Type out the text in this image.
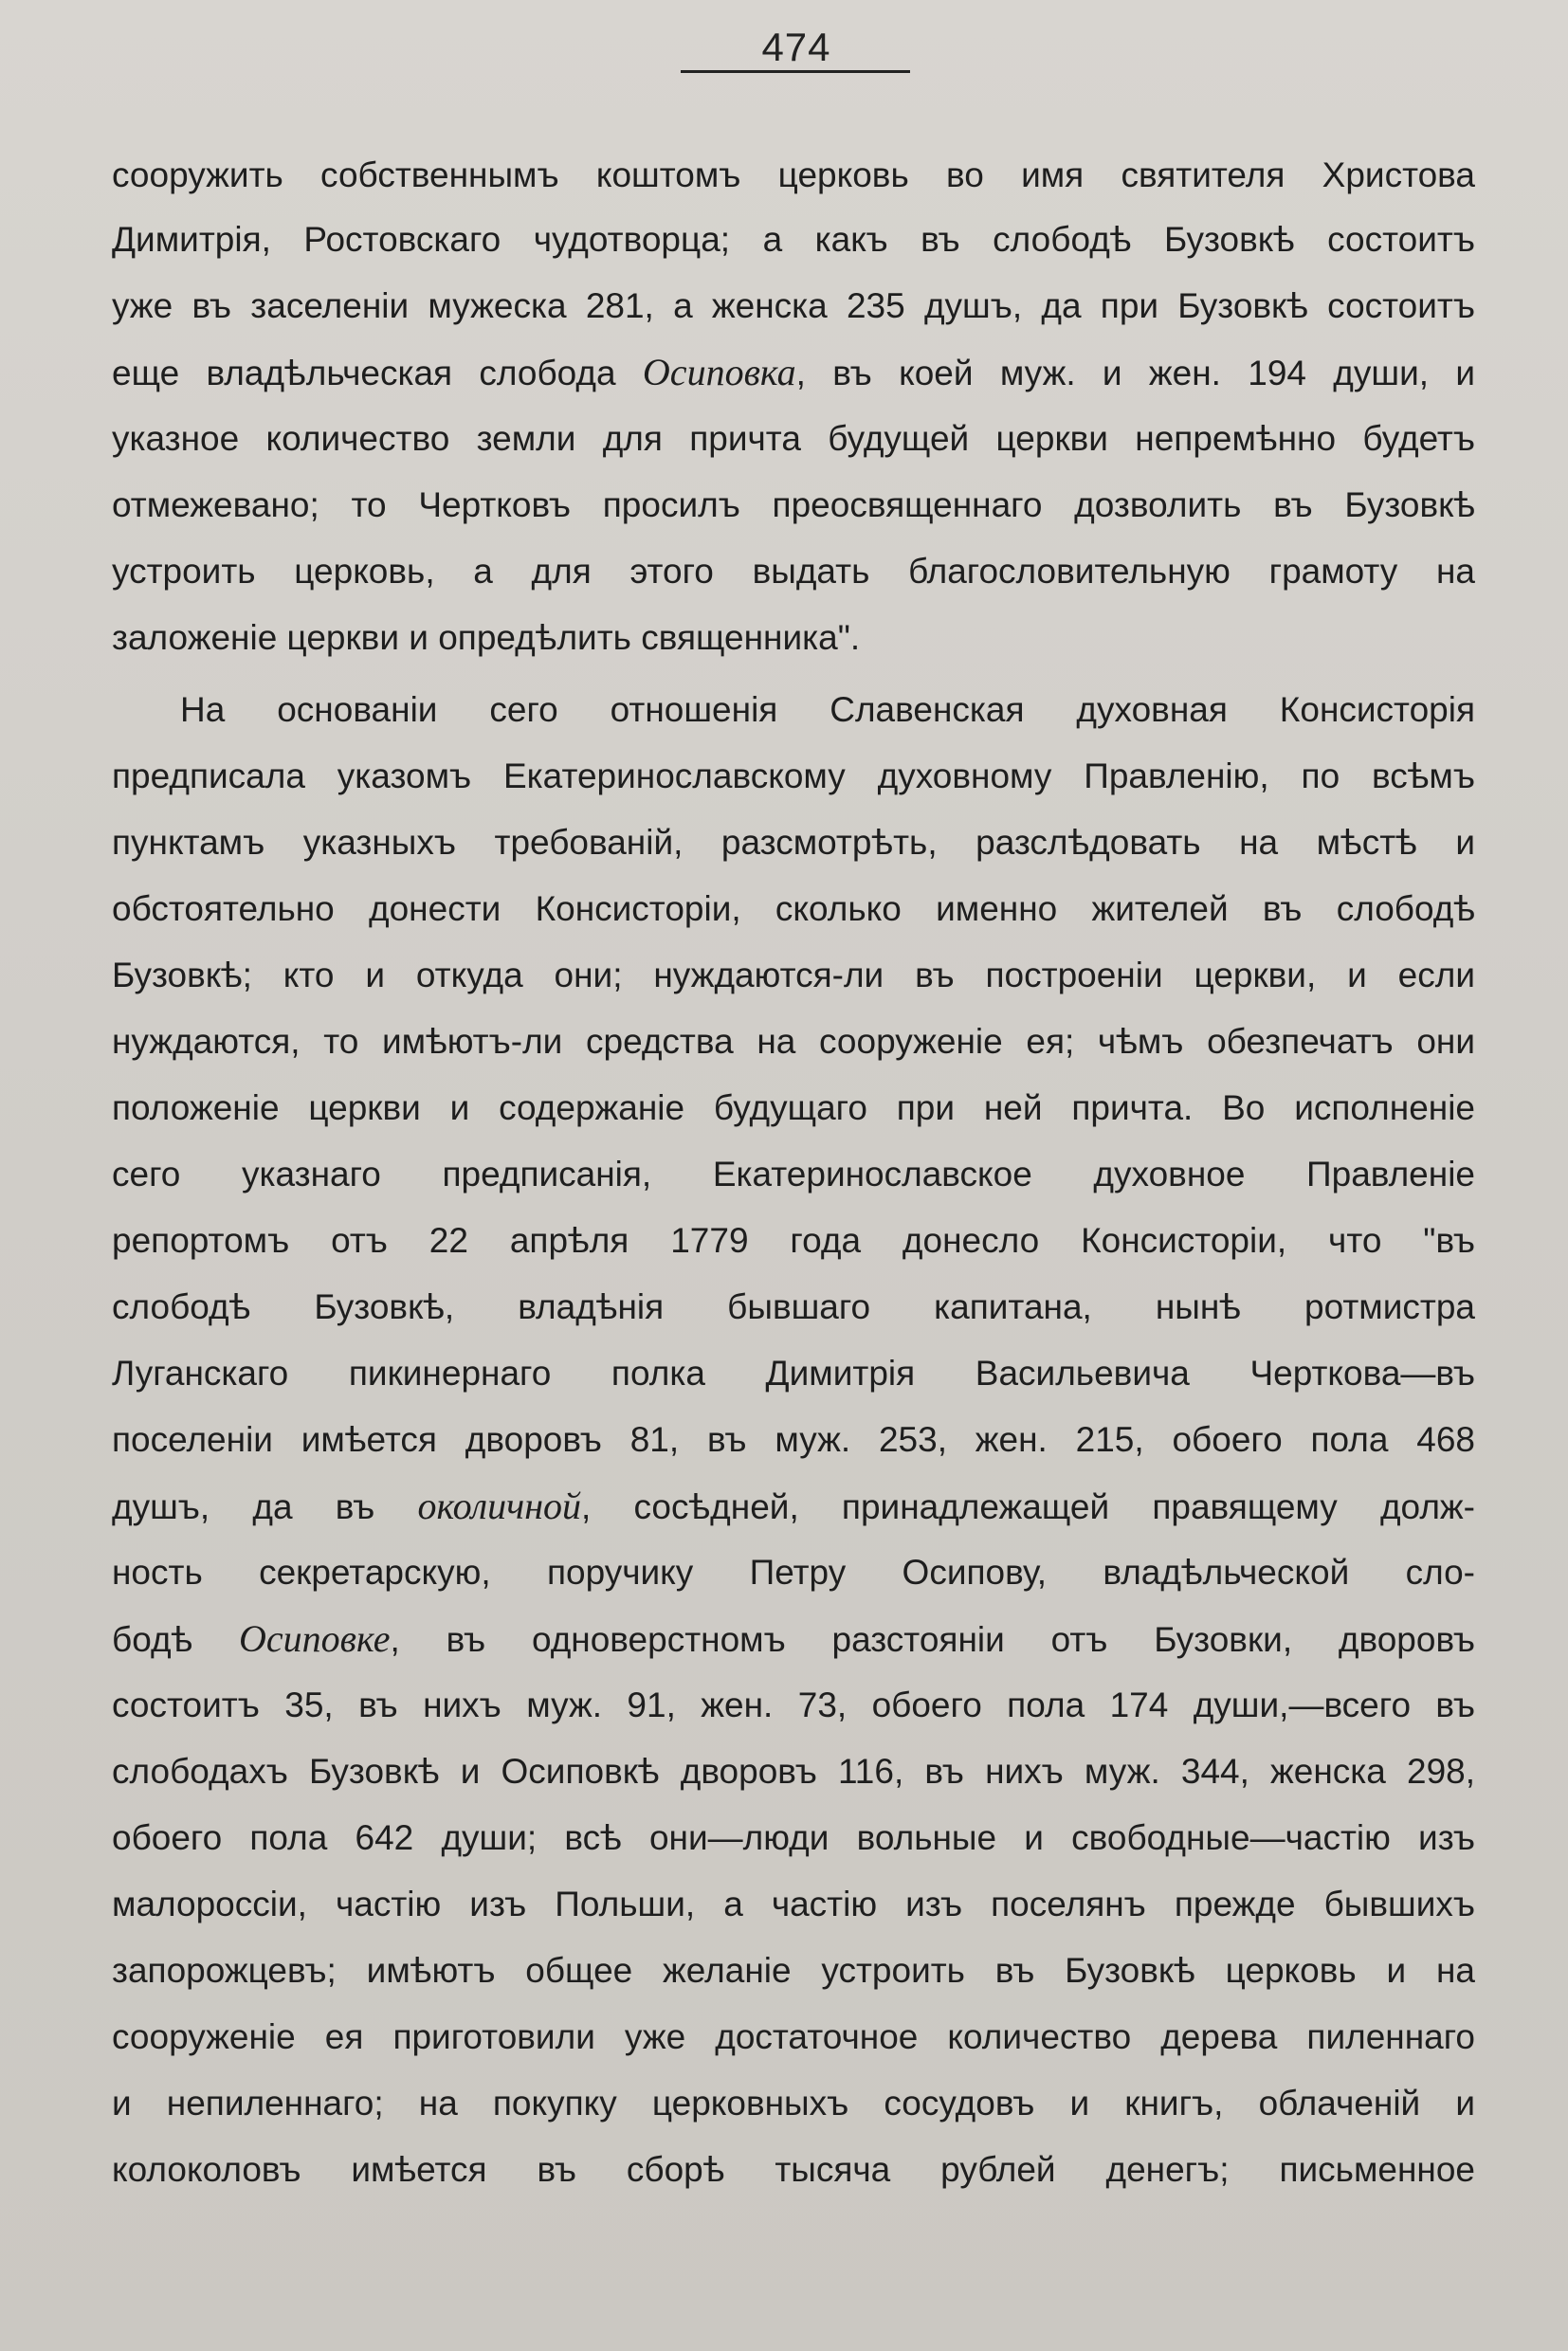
474
сооружить собственнымъ коштомъ церковь во имя святителя Христова
Димитрія, Ростовскаго чудотворца; а какъ въ слободѣ Бузовкѣ состоитъ
уже въ заселеніи мужеска 281, а женска 235 душъ, да при Бузовкѣ состоитъ
еще владѣльческая слобода Осиповка, въ коей муж. и жен. 194 души, и
указное количество земли для причта будущей церкви непремѣнно будетъ
отмежевано; то Чертковъ просилъ преосвященнаго дозволить въ Бузовкѣ
устроить церковь, а для этого выдать благословительную грамоту на
заложеніе церкви и опредѣлить священника".
На основаніи сего отношенія Славенская духовная Консисторія
предписала указомъ Екатеринославскому духовному Правленію, по всѣмъ
пунктамъ указныхъ требованій, разсмотрѣть, разслѣдовать на мѣстѣ и
обстоятельно донести Консисторіи, сколько именно жителей въ слободѣ
Бузовкѣ; кто и откуда они; нуждаются-ли въ построеніи церкви, и если
нуждаются, то имѣютъ-ли средства на сооруженіе ея; чѣмъ обезпечатъ они
положеніе церкви и содержаніе будущаго при ней причта. Во исполненіе
сего указнаго предписанія, Екатеринославское духовное Правленіе
репортомъ отъ 22 апрѣля 1779 года донесло Консисторіи, что "въ
слободѣ Бузовкѣ, владѣнія бывшаго капитана, нынѣ ротмистра
Луганскаго пикинернаго полка Димитрія Васильевича Черткова—въ
поселеніи имѣется дворовъ 81, въ муж. 253, жен. 215, обоего пола 468
душъ, да въ околичной, сосѣдней, принадлежащей правящему долж-
ность секретарскую, поручику Петру Осипову, владѣльческой сло-
бодѣ Осиповке, въ одноверстномъ разстояніи отъ Бузовки, дворовъ
состоитъ 35, въ нихъ муж. 91, жен. 73, обоего пола 174 души,—всего въ
слободахъ Бузовкѣ и Осиповкѣ дворовъ 116, въ нихъ муж. 344, женска 298,
обоего пола 642 души; всѣ они—люди вольные и свободные—частію изъ
малороссіи, частію изъ Польши, а частію изъ поселянъ прежде бывшихъ
запорожцевъ; имѣютъ общее желаніе устроить въ Бузовкѣ церковь и на
сооруженіе ея приготовили уже достаточное количество дерева пиленнаго
и непиленнаго; на покупку церковныхъ сосудовъ и книгъ, облаченій и
колоколовъ имѣется въ сборѣ тысяча рублей денегъ; письменное
